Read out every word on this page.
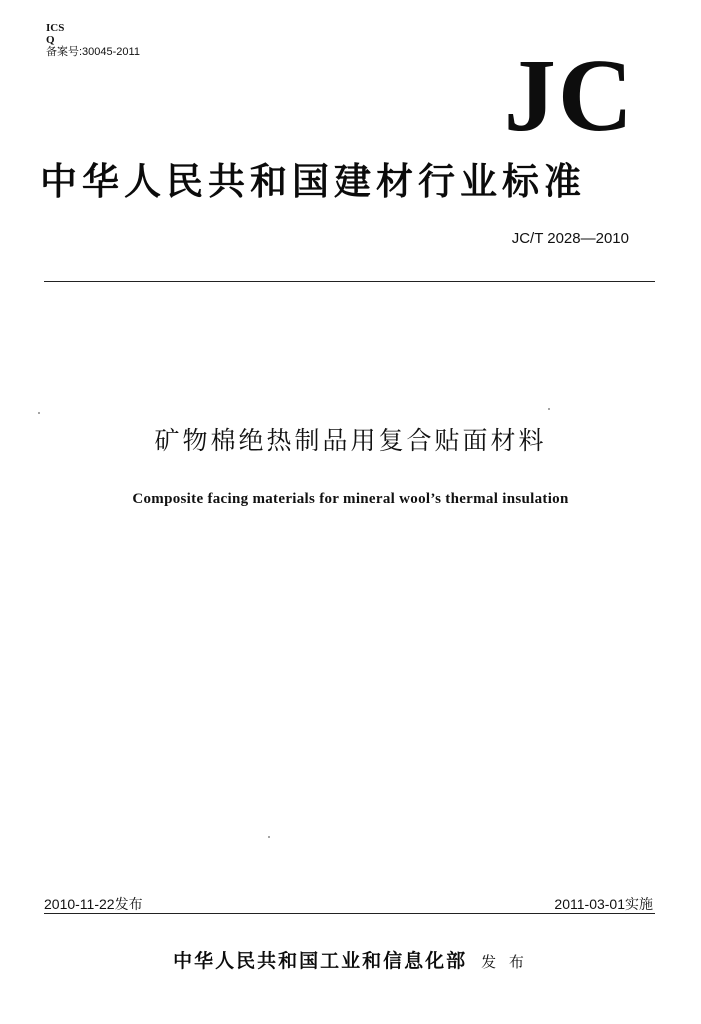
ICS
Q
备案号:30045-2011	JC
中华人民共和国建材行业标准
JC/T 2028—2010
矿物棉绝热制品用复合贴面材料
Composite facing materials for mineral wool’s thermal insulation
2010-11-22发布	2011-03-01实施
中华人民共和国工业和信息化部 发 布
